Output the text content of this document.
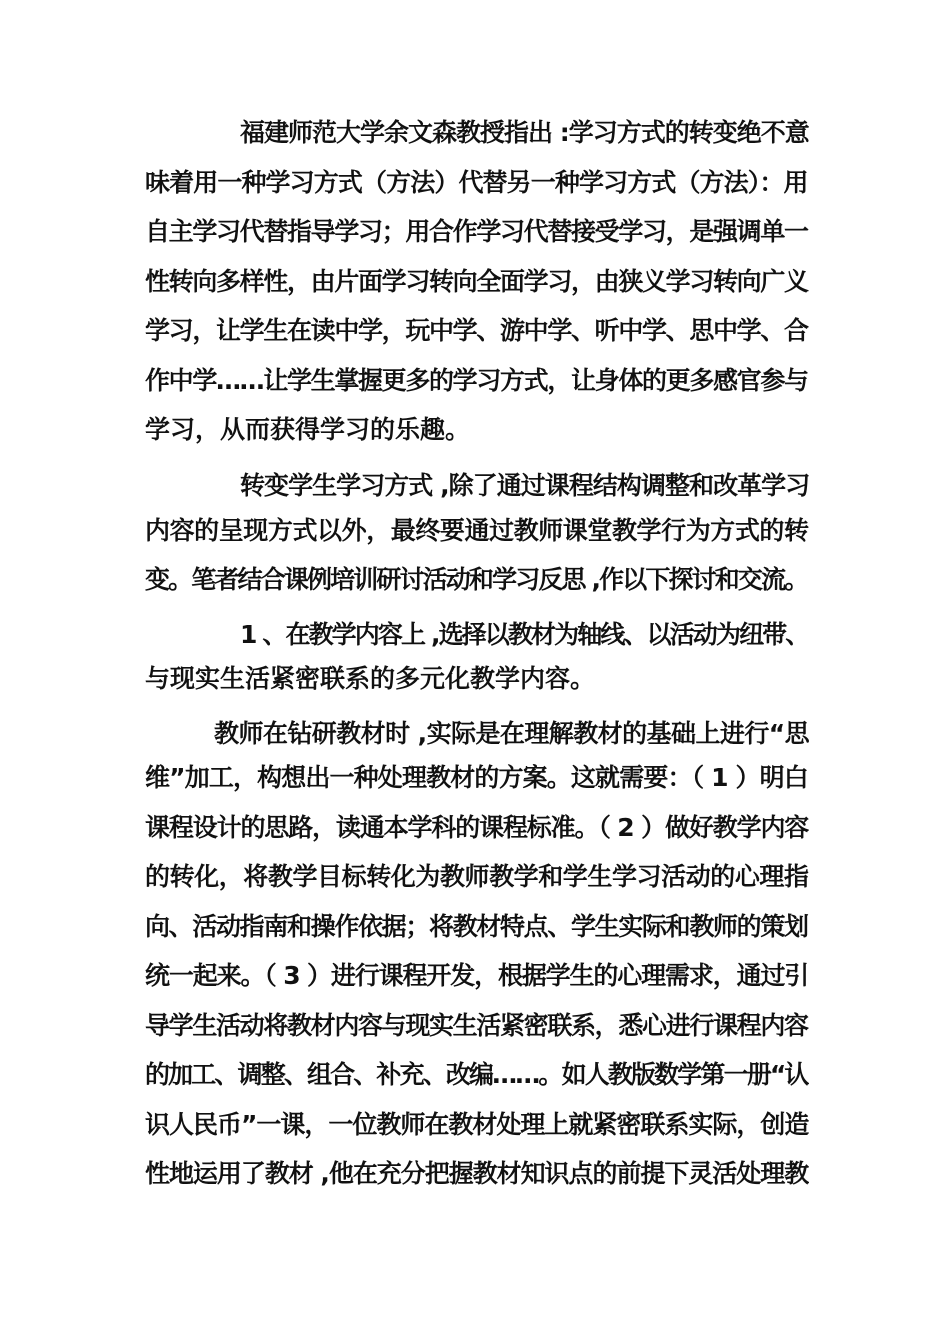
福建师范大学余文森教授指出 :学习方式的转变绝不意
味着用一种学习方式（方法）代替另一种学习方式（方法）：用
自主学习代替指导学习；用合作学习代替接受学习，是强调单一
性转向多样性，由片面学习转向全面学习，由狭义学习转向广义
学习，让学生在读中学，玩中学、游中学、听中学、思中学、合
作中学……让学生掌握更多的学习方式，让身体的更多感官参与
学习，从而获得学习的乐趣。
转变学生学习方式 ,除了通过课程结构调整和改革学习
内容的呈现方式以外，最终要通过教师课堂教学行为方式的转
变。笔者结合课例培训研讨活动和学习反思 ,作以下探讨和交流。
1 、在教学内容上 ,选择以教材为轴线、以活动为纽带、
与现实生活紧密联系的多元化教学内容。
教师在钻研教材时 ,实际是在理解教材的基础上进行“思
维”加工，构想出一种处理教材的方案。这就需要：（ 1 ）明白
课程设计的思路，读通本学科的课程标准。（ 2 ）做好教学内容
的转化，将教学目标转化为教师教学和学生学习活动的心理指
向、活动指南和操作依据；将教材特点、学生实际和教师的策划
统一起来。（ 3 ）进行课程开发，根据学生的心理需求，通过引
导学生活动将教材内容与现实生活紧密联系，悉心进行课程内容
的加工、调整、组合、补充、改编……。如人教版数学第一册“认
识人民币”一课，一位教师在教材处理上就紧密联系实际，创造
性地运用了教材 ,他在充分把握教材知识点的前提下灵活处理教
